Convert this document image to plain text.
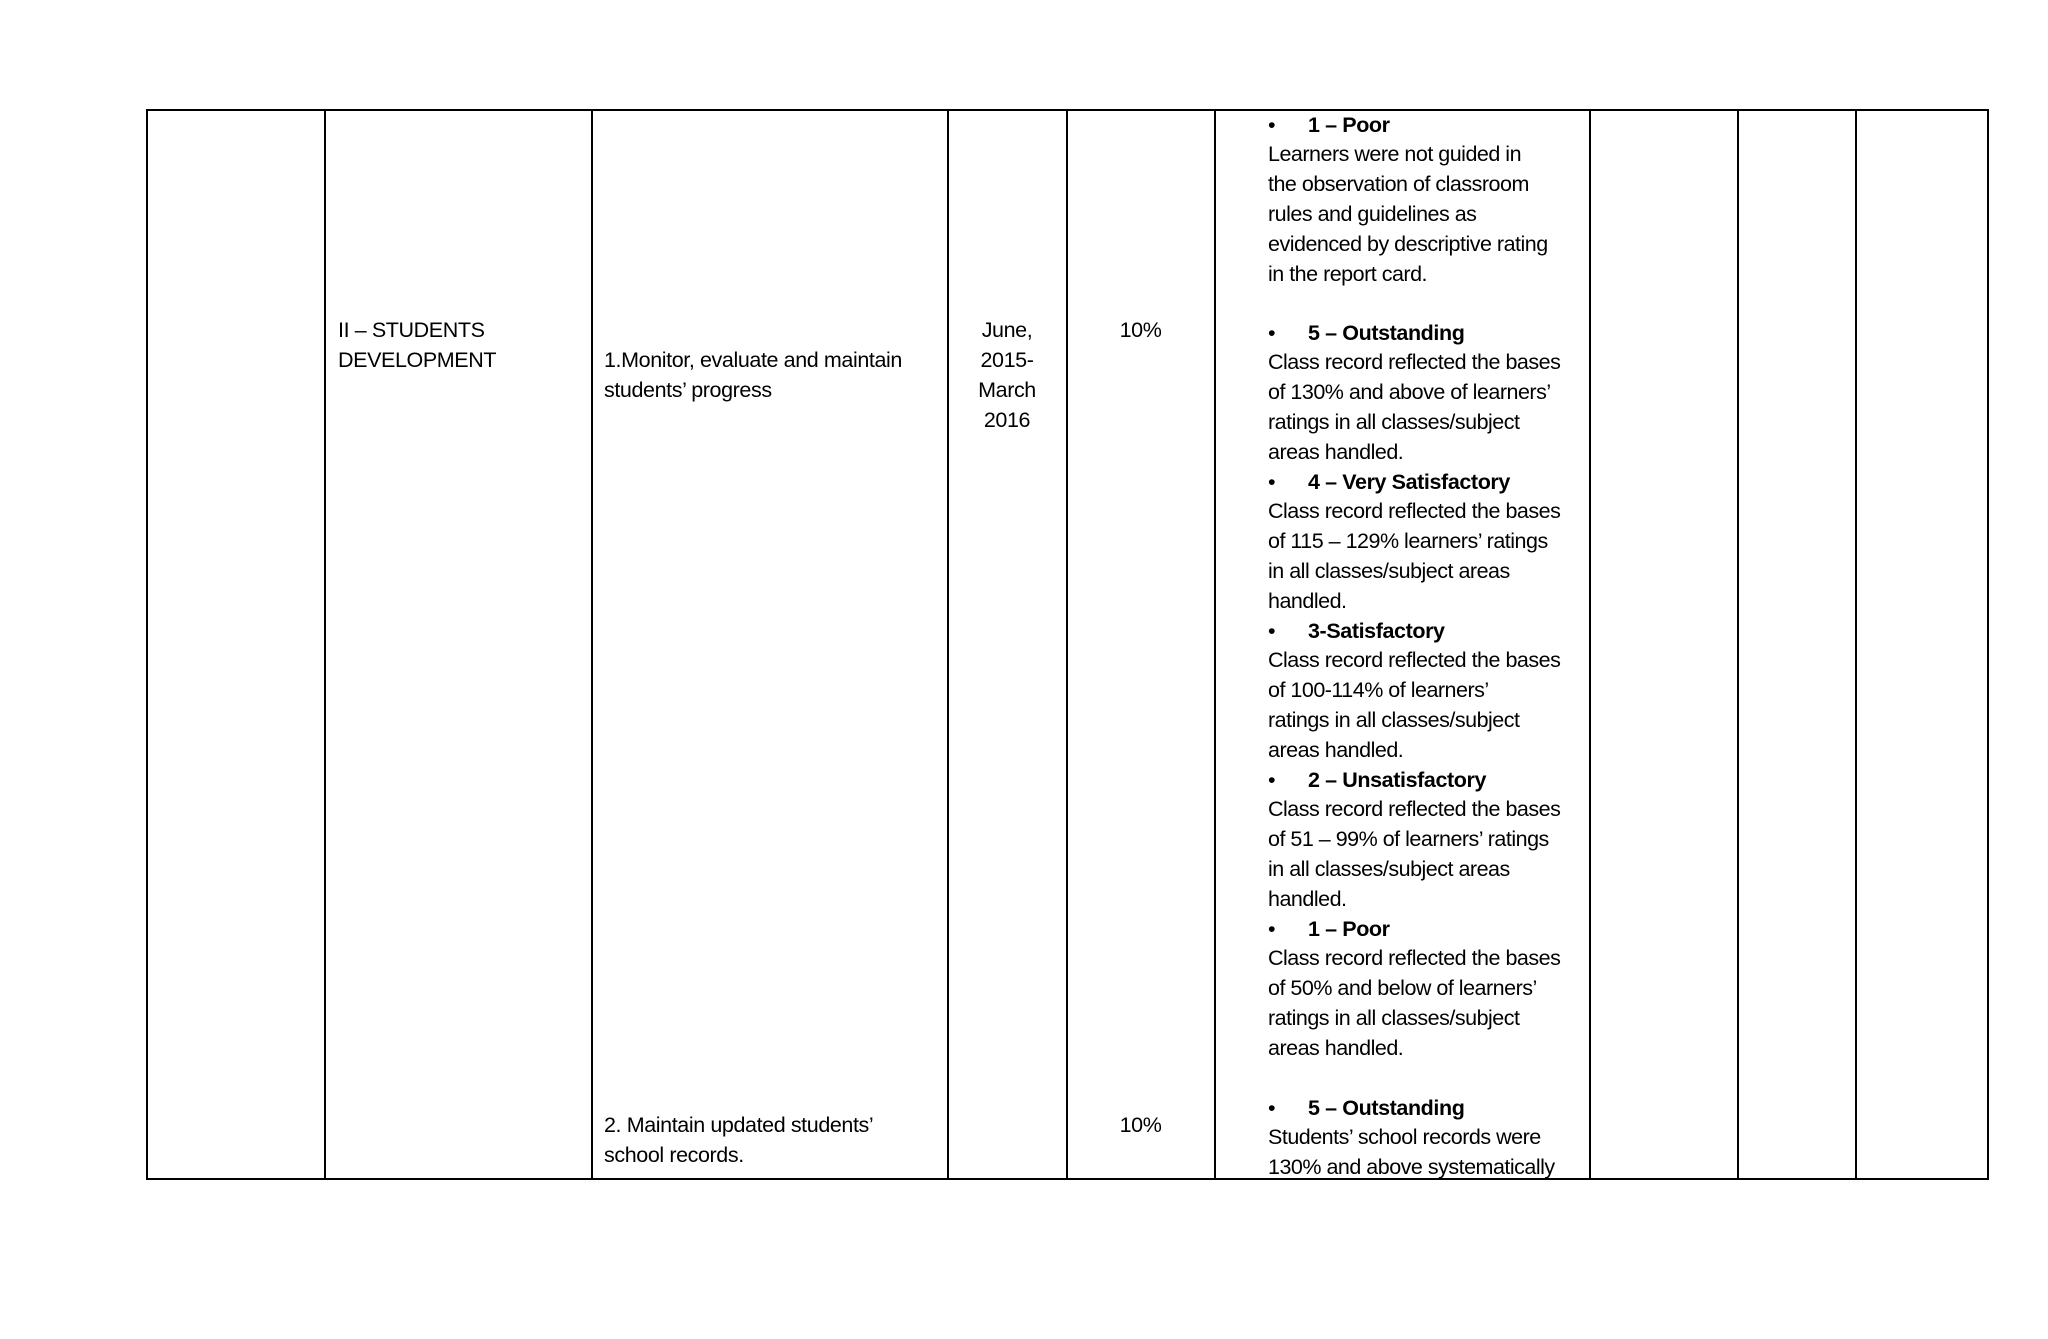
II – STUDENTS
DEVELOPMENT	1.Monitor, evaluate and maintain
students’ progress
2. Maintain updated students’
school records.
June,
2015-
March
2016
10%
10%
• 1 – Poor
Learners were not guided in
the observation of classroom
rules and guidelines as
evidenced by descriptive rating
in the report card.
• 5 – Outstanding
Class record reflected the bases
of 130% and above of learners’
ratings in all classes/subject
areas handled.
• 4 – Very Satisfactory
Class record reflected the bases
of 115 – 129% learners’ ratings
in all classes/subject areas
handled.
• 3-Satisfactory
Class record reflected the bases
of 100-114% of learners’
ratings in all classes/subject
areas handled.
• 2 – Unsatisfactory
Class record reflected the bases
of 51 – 99% of learners’ ratings
in all classes/subject areas
handled.
• 1 – Poor
Class record reflected the bases
of 50% and below of learners’
ratings in all classes/subject
areas handled.
• 5 – Outstanding
Students’ school records were
130% and above systematically
